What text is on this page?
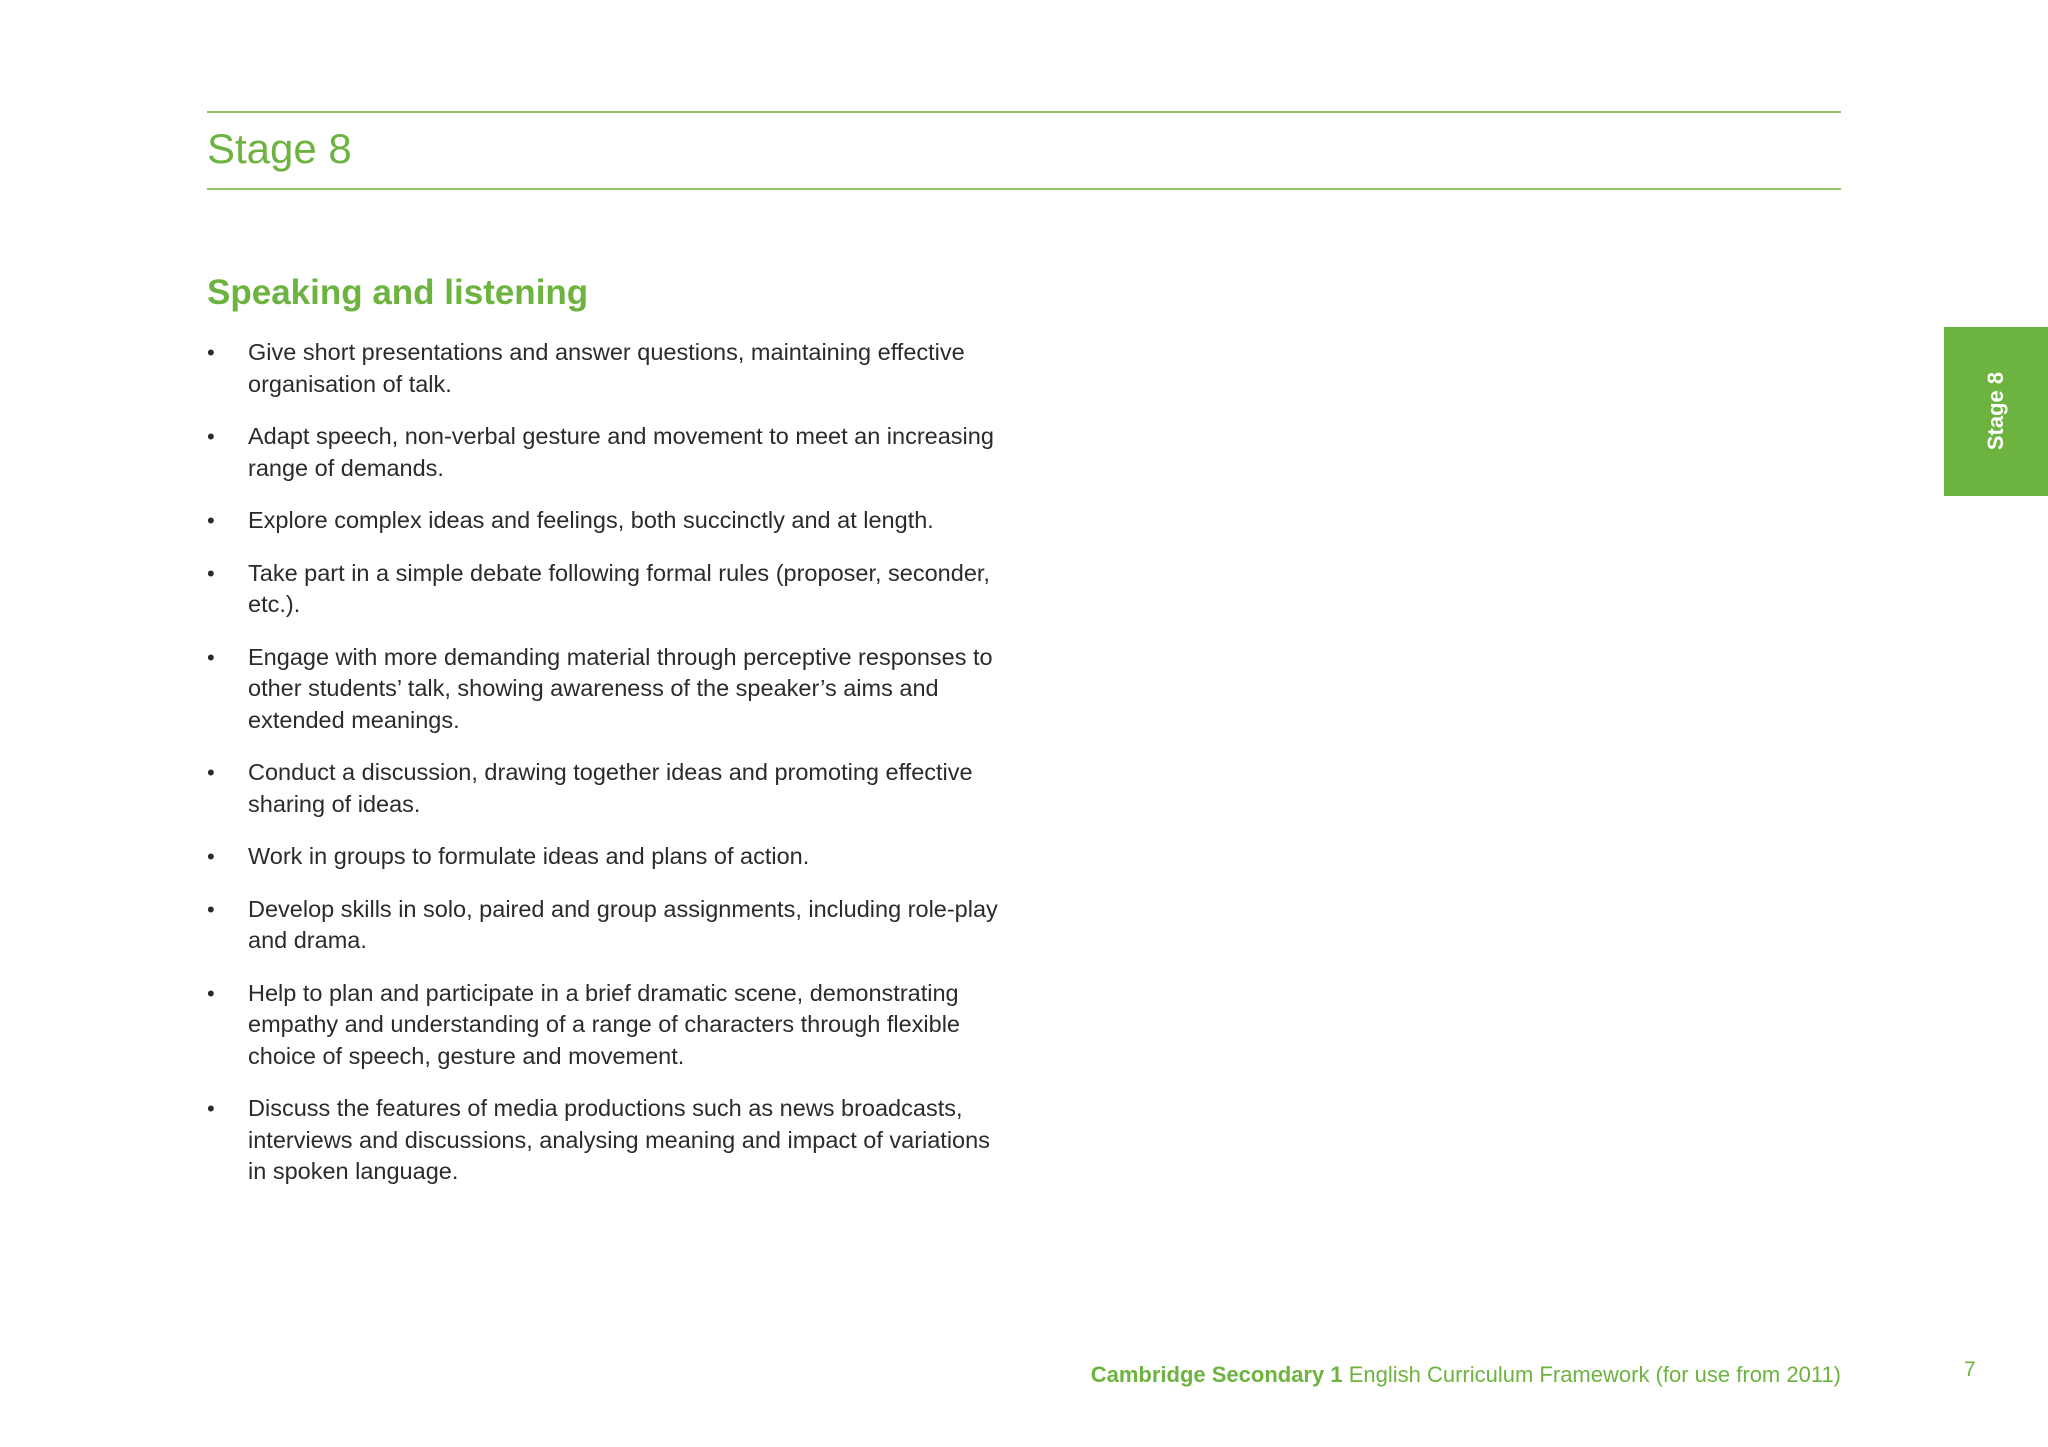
Stage 8
Speaking and listening
• Give short presentations and answer questions, maintaining effective organisation of talk.
• Adapt speech, non-verbal gesture and movement to meet an increasing range of demands.
• Explore complex ideas and feelings, both succinctly and at length.
• Take part in a simple debate following formal rules (proposer, seconder, etc.).
• Engage with more demanding material through perceptive responses to other students’ talk, showing awareness of the speaker’s aims and extended meanings.
• Conduct a discussion, drawing together ideas and promoting effective sharing of ideas.
• Work in groups to formulate ideas and plans of action.
• Develop skills in solo, paired and group assignments, including role-play and drama.
• Help to plan and participate in a brief dramatic scene, demonstrating empathy and understanding of a range of characters through flexible choice of speech, gesture and movement.
• Discuss the features of media productions such as news broadcasts, interviews and discussions, analysing meaning and impact of variations in spoken language.
Stage 8
Cambridge Secondary 1 English Curriculum Framework (for use from 2011)	7
